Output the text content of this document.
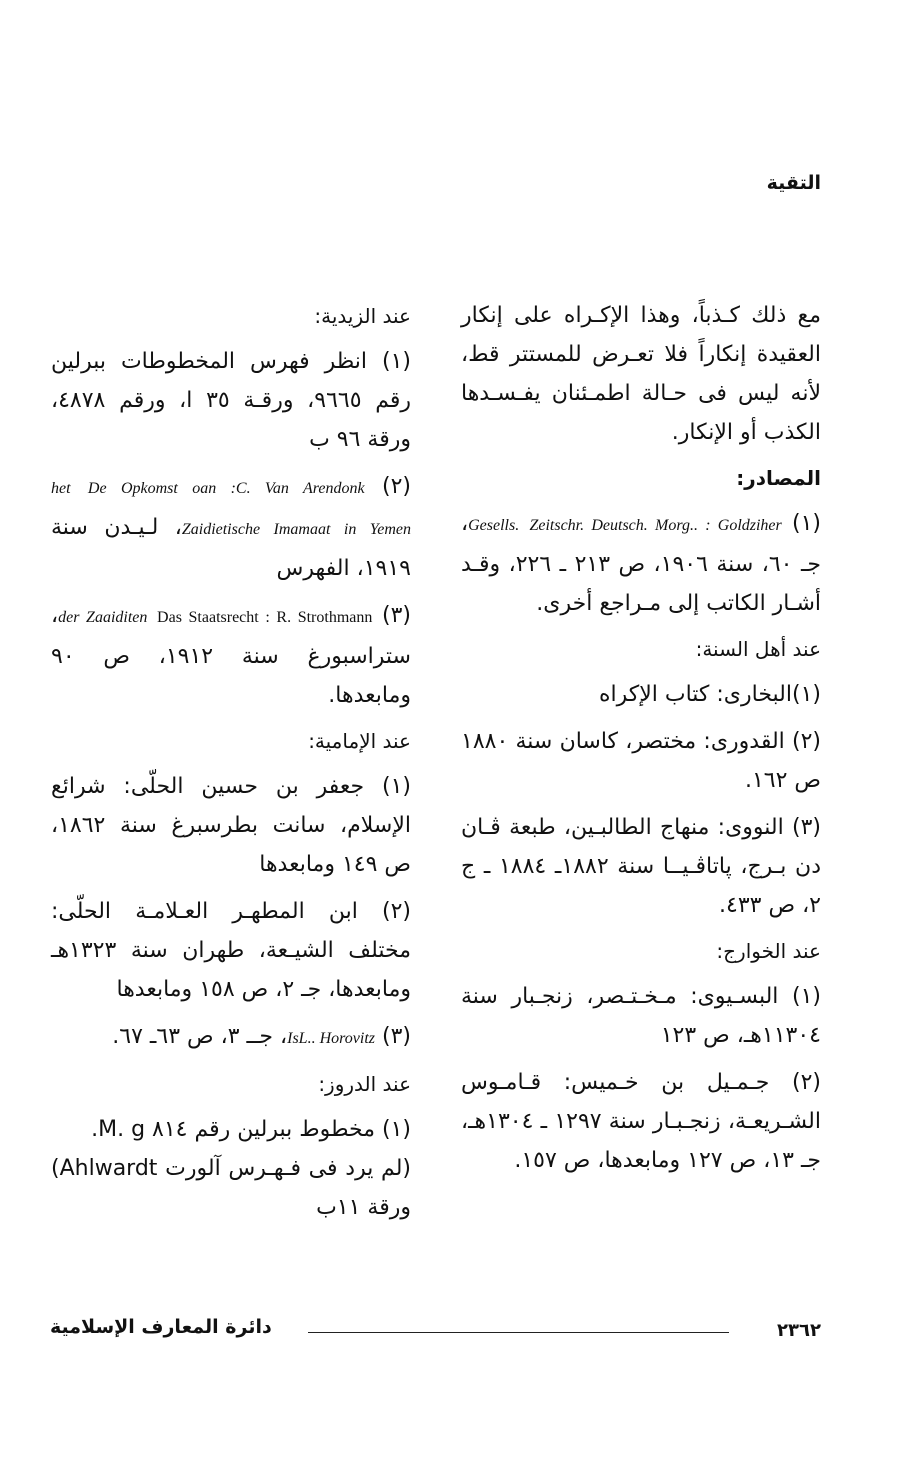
التقية

مع ذلك كـذباً، وهذا الإكـراه على إنكار العقيدة إنكاراً فلا تعـرض للمستتر قط، لأنه ليس فى حـالة اطمـئنان يفـسـدها الكذب أو الإنكار.

المصادر:

(١) Zeitschr. Deutsch. Morg.. : Goldziher Gesells.، جـ ٦٠، سنة ١٩٠٦، ص ٢١٣ ـ ٢٢٦، وقـد أشـار الكاتب إلى مـراجع أخرى.

عند أهل السنة:

(١)البخارى: كتاب الإكراه

(٢) القدورى: مختصر، كاسان سنة ١٨٨٠ ص ١٦٢.

(٣) النووى: منهاج الطالبـين، طبعة ڤـان دن بـرج، پاتاڤـيــا سنة ١٨٨٢ـ ١٨٨٤ ـ ج ٢، ص ٤٣٣.

عند الخوارج:

(١) البسـيوى: مـخـتـصر، زنجـبار سنة ١١٣٠٤هـ، ص ١٢٣

(٢) جـمـيل بن خـميس: قـامـوس الشـريعـة، زنجـبـار سنة ١٢٩٧ ـ ١٣٠٤هـ، جـ ١٣، ص ١٢٧ ومابعدها، ص ١٥٧.

عند الزيدية:

(١) انظر فهرس المخطوطات ببرلين رقم ٩٦٦٥، ورقـة ٣٥ ا، ورقم ٤٨٧٨، ورقة ٩٦ ب

(٢) De Opkomst oan :C. Van Arendonk het Zaidietische Imamaat in Yemen، لـيـدن سنة ١٩١٩، الفهرس

(٣) Das Staatsrecht : R. Strothmann der Zaaiditen، ستراسبورغ سنة ١٩١٢، ص ٩٠ ومابعدها.

عند الإمامية:

(١) جعفر بن حسين الحلّى: شرائع الإسلام، سانت بطرسبرغ سنة ١٨٦٢، ص ١٤٩ ومابعدها

(٢) ابن المطهـر العـلامـة الحلّى: مختلف الشيـعة، طهران سنة ١٣٢٣هـ ومابعدها، جـ ٢، ص ١٥٨ ومابعدها

(٣) IsL.. Horovitz، جــ ٣، ص ٦٣ـ ٦٧.

عند الدروز:

(١) مخطوط ببرلين رقم ٨١٤ M. g.

(لم يرد فى فـهـرس آلورت Ahlwardt) ورقة ١١ب

دائرة المعارف الإسلامية	٢٣٦٢
